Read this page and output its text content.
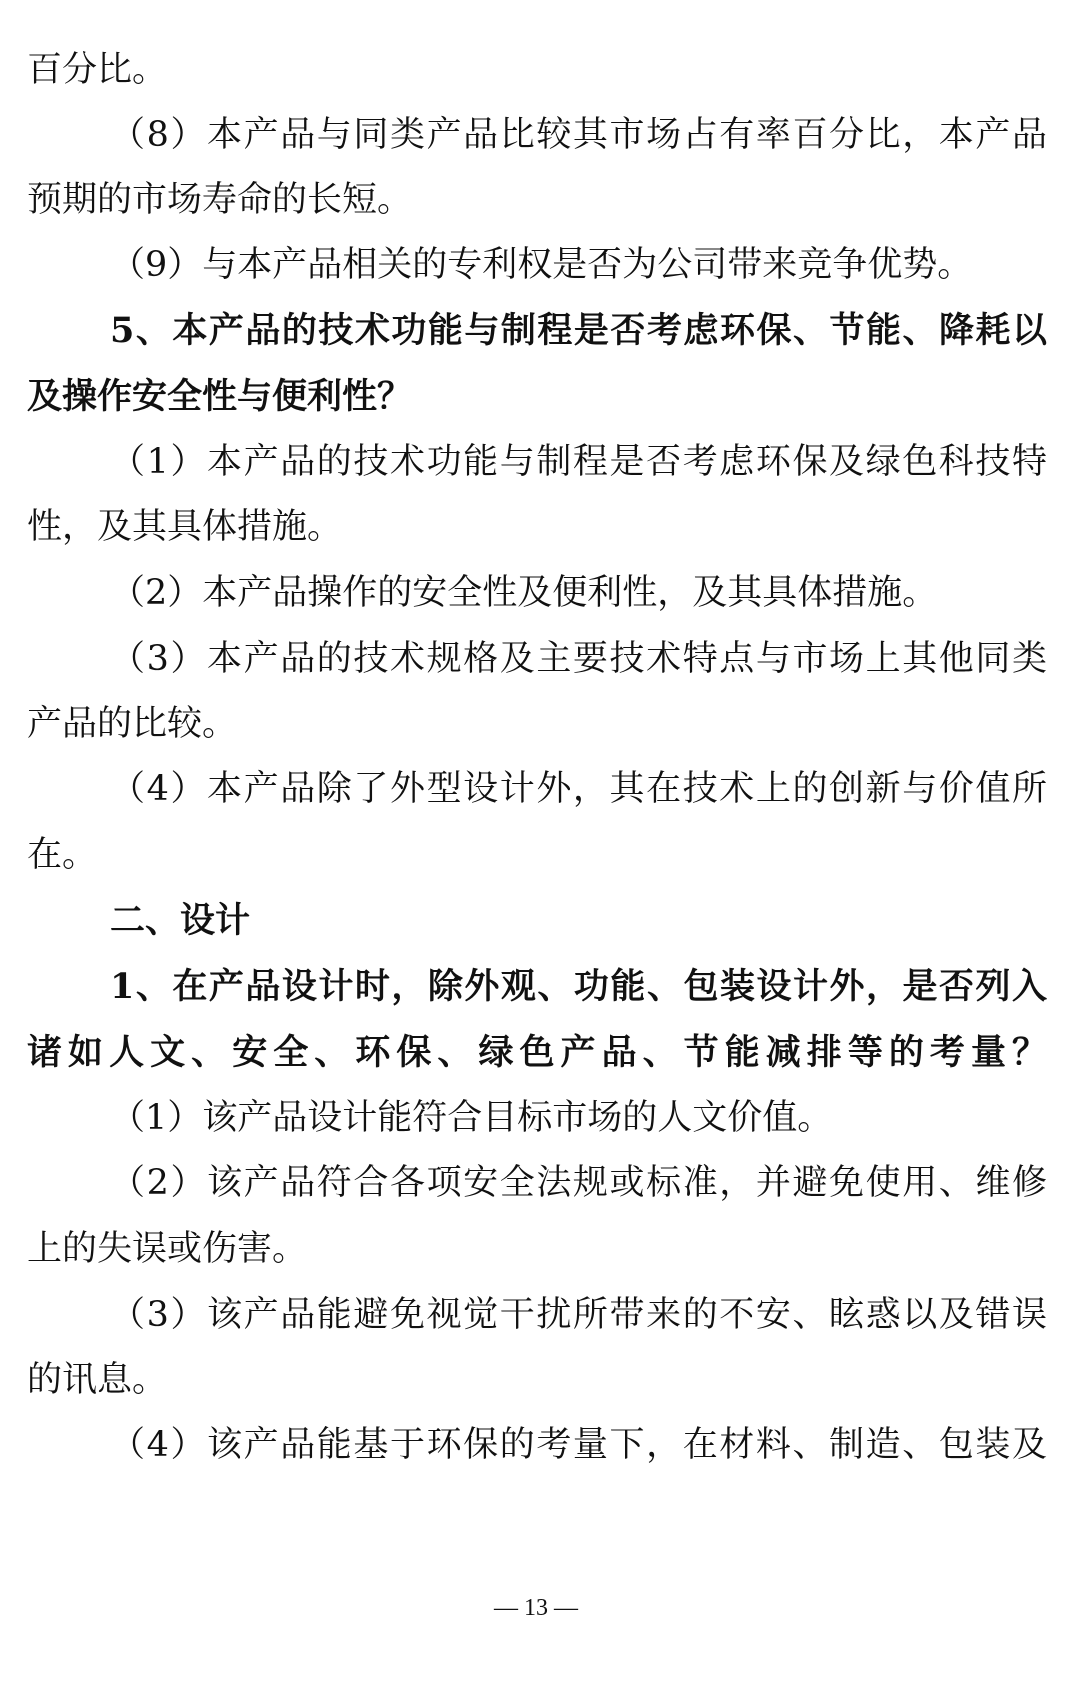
百分比。
（8）本产品与同类产品比较其市场占有率百分比，本产品
预期的市场寿命的长短。
（9）与本产品相关的专利权是否为公司带来竞争优势。
5、本产品的技术功能与制程是否考虑环保、节能、降耗以
及操作安全性与便利性？
（1）本产品的技术功能与制程是否考虑环保及绿色科技特
性，及其具体措施。
（2）本产品操作的安全性及便利性，及其具体措施。
（3）本产品的技术规格及主要技术特点与市场上其他同类
产品的比较。
（4）本产品除了外型设计外，其在技术上的创新与价值所
在。
二、设计
1、在产品设计时，除外观、功能、包装设计外，是否列入
诸如人文、安全、环保、绿色产品、节能减排等的考量？
（1）该产品设计能符合目标市场的人文价值。
（2）该产品符合各项安全法规或标准，并避免使用、维修
上的失误或伤害。
（3）该产品能避免视觉干扰所带来的不安、眩惑以及错误
的讯息。
（4）该产品能基于环保的考量下，在材料、制造、包装及
— 13 —
